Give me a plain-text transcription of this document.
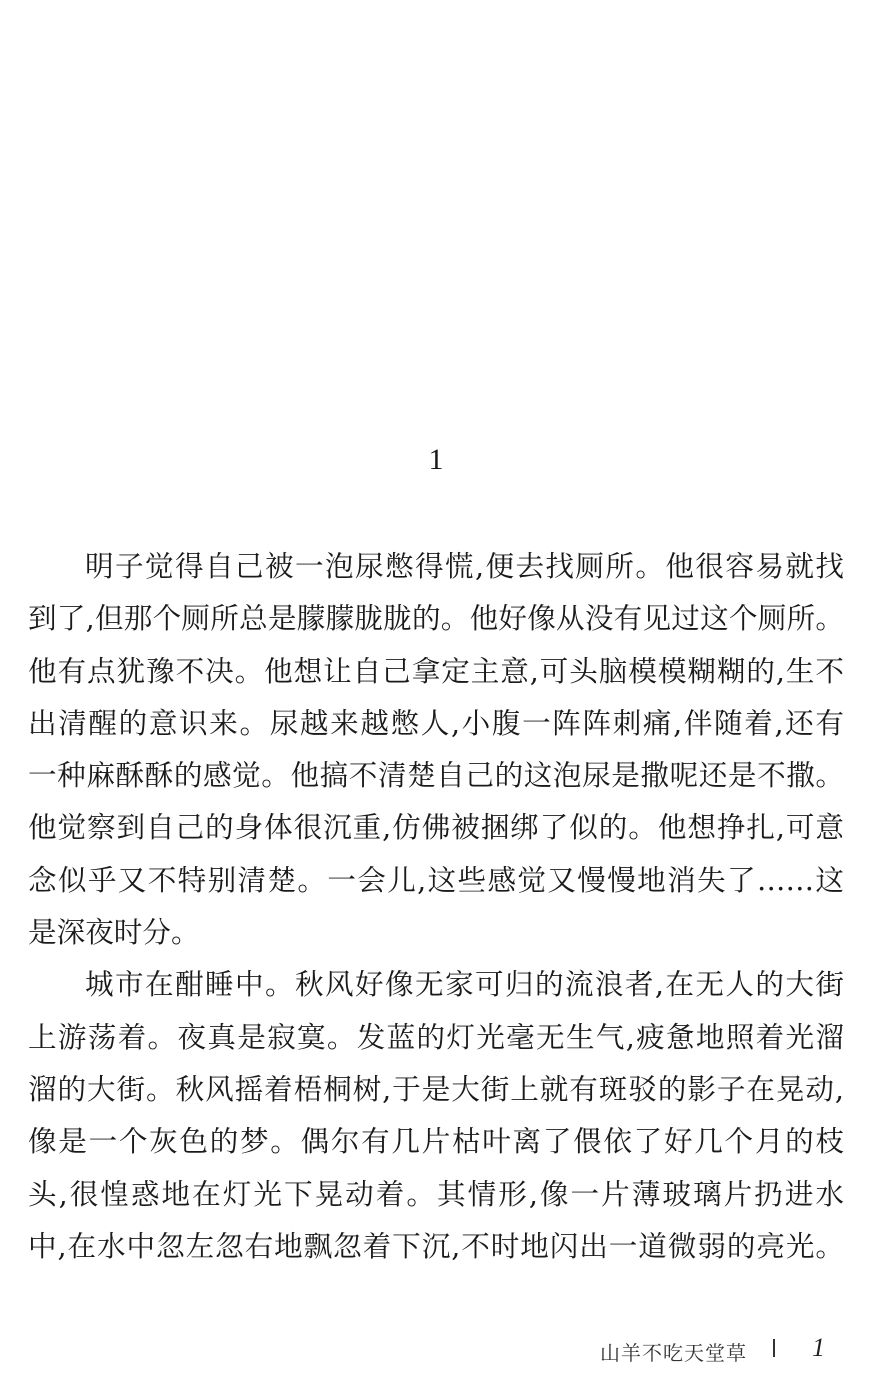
1
明子觉得自己被一泡尿憋得慌,便去找厕所。他很容易就找
到了,但那个厕所总是朦朦胧胧的。他好像从没有见过这个厕所。
他有点犹豫不决。他想让自己拿定主意,可头脑模模糊糊的,生不
出清醒的意识来。尿越来越憋人,小腹一阵阵刺痛,伴随着,还有
一种麻酥酥的感觉。他搞不清楚自己的这泡尿是撒呢还是不撒。
他觉察到自己的身体很沉重,仿佛被捆绑了似的。他想挣扎,可意
念似乎又不特别清楚。一会儿,这些感觉又慢慢地消失了……这
是深夜时分。
城市在酣睡中。秋风好像无家可归的流浪者,在无人的大街
上游荡着。夜真是寂寞。发蓝的灯光毫无生气,疲惫地照着光溜
溜的大街。秋风摇着梧桐树,于是大街上就有斑驳的影子在晃动,
像是一个灰色的梦。偶尔有几片枯叶离了偎依了好几个月的枝
头,很惶惑地在灯光下晃动着。其情形,像一片薄玻璃片扔进水
中,在水中忽左忽右地飘忽着下沉,不时地闪出一道微弱的亮光。
山羊不吃天堂草	1
